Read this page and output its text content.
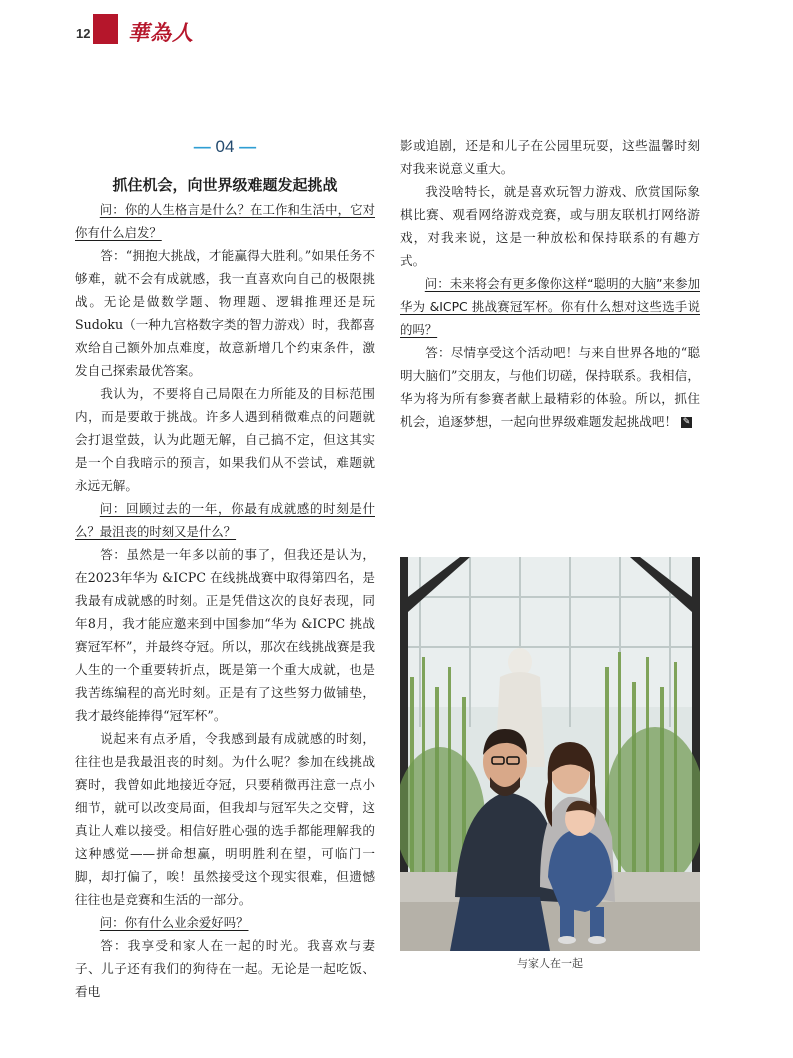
12 華為人
— 04 —
抓住机会，向世界级难题发起挑战

问：你的人生格言是什么？在工作和生活中，它对你有什么启发？

答：“拥抱大挑战，才能赢得大胜利。”如果任务不够难，就不会有成就感，我一直喜欢向自己的极限挑战。无论是做数学题、物理题、逻辑推理还是玩Sudoku（一种九宫格数字类的智力游戏）时，我都喜欢给自己额外加点难度，故意新增几个约束条件，激发自己探索最优答案。

我认为，不要将自己局限在力所能及的目标范围内，而是要敢于挑战。许多人遇到稍微难点的问题就会打退堂鼓，认为此题无解，自己搞不定，但这其实是一个自我暗示的预言，如果我们从不尝试，难题就永远无解。

问：回顾过去的一年，你最有成就感的时刻是什么？最沮丧的时刻又是什么？

答：虽然是一年多以前的事了，但我还是认为，在2023年华为 &ICPC 在线挑战赛中取得第四名，是我最有成就感的时刻。正是凭借这次的良好表现，同年8月，我才能应邀来到中国参加“华为 &ICPC 挑战赛冠军杯”，并最终夺冠。所以，那次在线挑战赛是我人生的一个重要转折点，既是第一个重大成就，也是我苦练编程的高光时刻。正是有了这些努力做铺垫，我才最终能捧得“冠军杯”。

说起来有点矛盾，令我感到最有成就感的时刻，往往也是我最沮丧的时刻。为什么呢？参加在线挑战赛时，我曾如此地接近夺冠，只要稍微再注意一点小细节，就可以改变局面，但我却与冠军失之交臂，这真让人难以接受。相信好胜心强的选手都能理解我的这种感觉——拼命想赢，明明胜利在望，可临门一脚，却打偏了，唉！虽然接受这个现实很难，但遗憾往往也是竞赛和生活的一部分。

问：你有什么业余爱好吗？

答：我享受和家人在一起的时光。我喜欢与妻子、儿子还有我们的狗待在一起。无论是一起吃饭、看电

影或追剧，还是和儿子在公园里玩耍，这些温馨时刻对我来说意义重大。

我没啥特长，就是喜欢玩智力游戏、欣赏国际象棋比赛、观看网络游戏竞赛，或与朋友联机打网络游戏，对我来说，这是一种放松和保持联系的有趣方式。

问：未来将会有更多像你这样“聪明的大脑”来参加华为 &ICPC 挑战赛冠军杯。你有什么想对这些选手说的吗？

答：尽情享受这个活动吧！与来自世界各地的“聪明大脑们”交朋友，与他们切磋，保持联系。我相信，华为将为所有参赛者献上最精彩的体验。所以，抓住机会，追逐梦想，一起向世界级难题发起挑战吧！ ✎

与家人在一起
